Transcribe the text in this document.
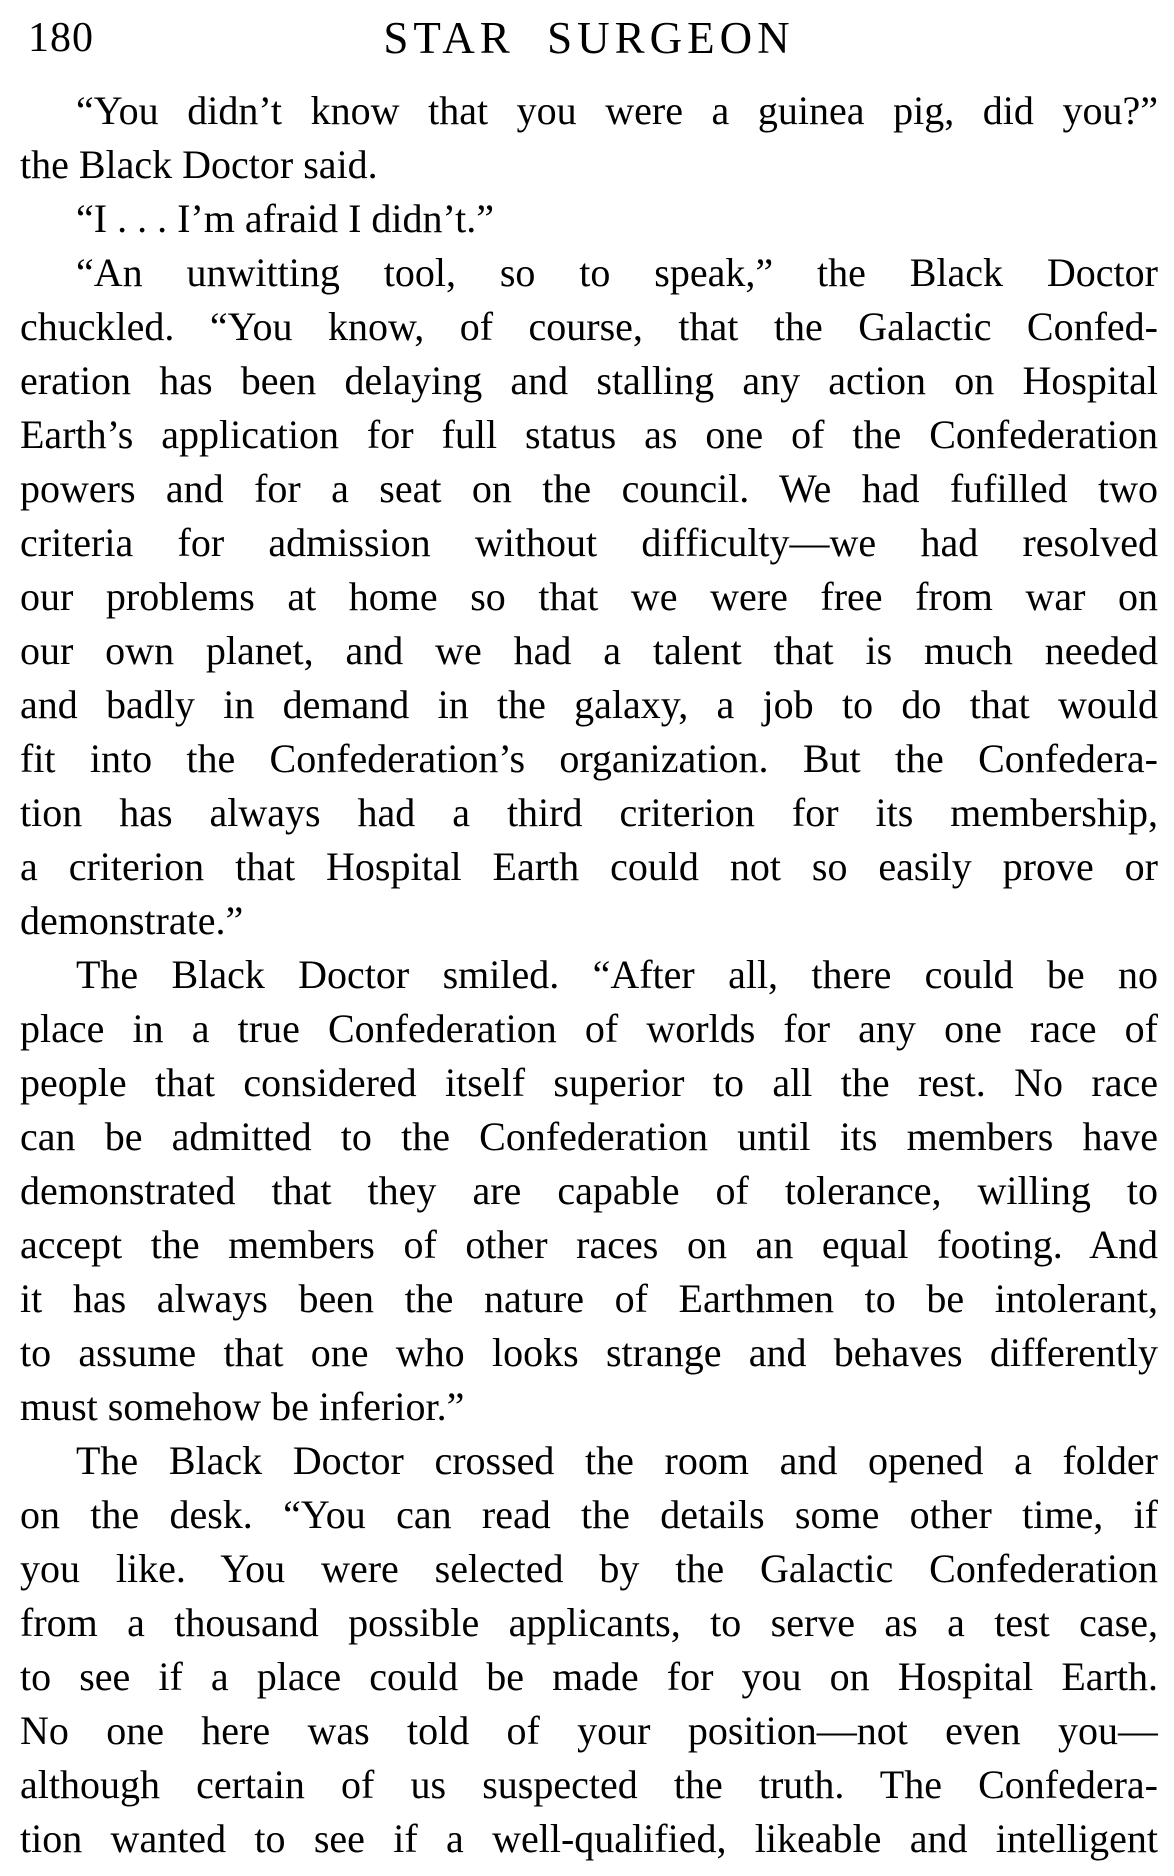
180	STAR SURGEON
“You didn’t know that you were a guinea pig, did you?”
the Black Doctor said.
“I . . . I’m afraid I didn’t.”
“An unwitting tool, so to speak,” the Black Doctor
chuckled. “You know, of course, that the Galactic Confed-
eration has been delaying and stalling any action on Hospital
Earth’s application for full status as one of the Confederation
powers and for a seat on the council. We had fufilled two
criteria for admission without difficulty—we had resolved
our problems at home so that we were free from war on
our own planet, and we had a talent that is much needed
and badly in demand in the galaxy, a job to do that would
fit into the Confederation’s organization. But the Confedera-
tion has always had a third criterion for its membership,
a criterion that Hospital Earth could not so easily prove or
demonstrate.”
The Black Doctor smiled. “After all, there could be no
place in a true Confederation of worlds for any one race of
people that considered itself superior to all the rest. No race
can be admitted to the Confederation until its members have
demonstrated that they are capable of tolerance, willing to
accept the members of other races on an equal footing. And
it has always been the nature of Earthmen to be intolerant,
to assume that one who looks strange and behaves differently
must somehow be inferior.”
The Black Doctor crossed the room and opened a folder
on the desk. “You can read the details some other time, if
you like. You were selected by the Galactic Confederation
from a thousand possible applicants, to serve as a test case,
to see if a place could be made for you on Hospital Earth.
No one here was told of your position—not even you—
although certain of us suspected the truth. The Confedera-
tion wanted to see if a well-qualified, likeable and intelligent
